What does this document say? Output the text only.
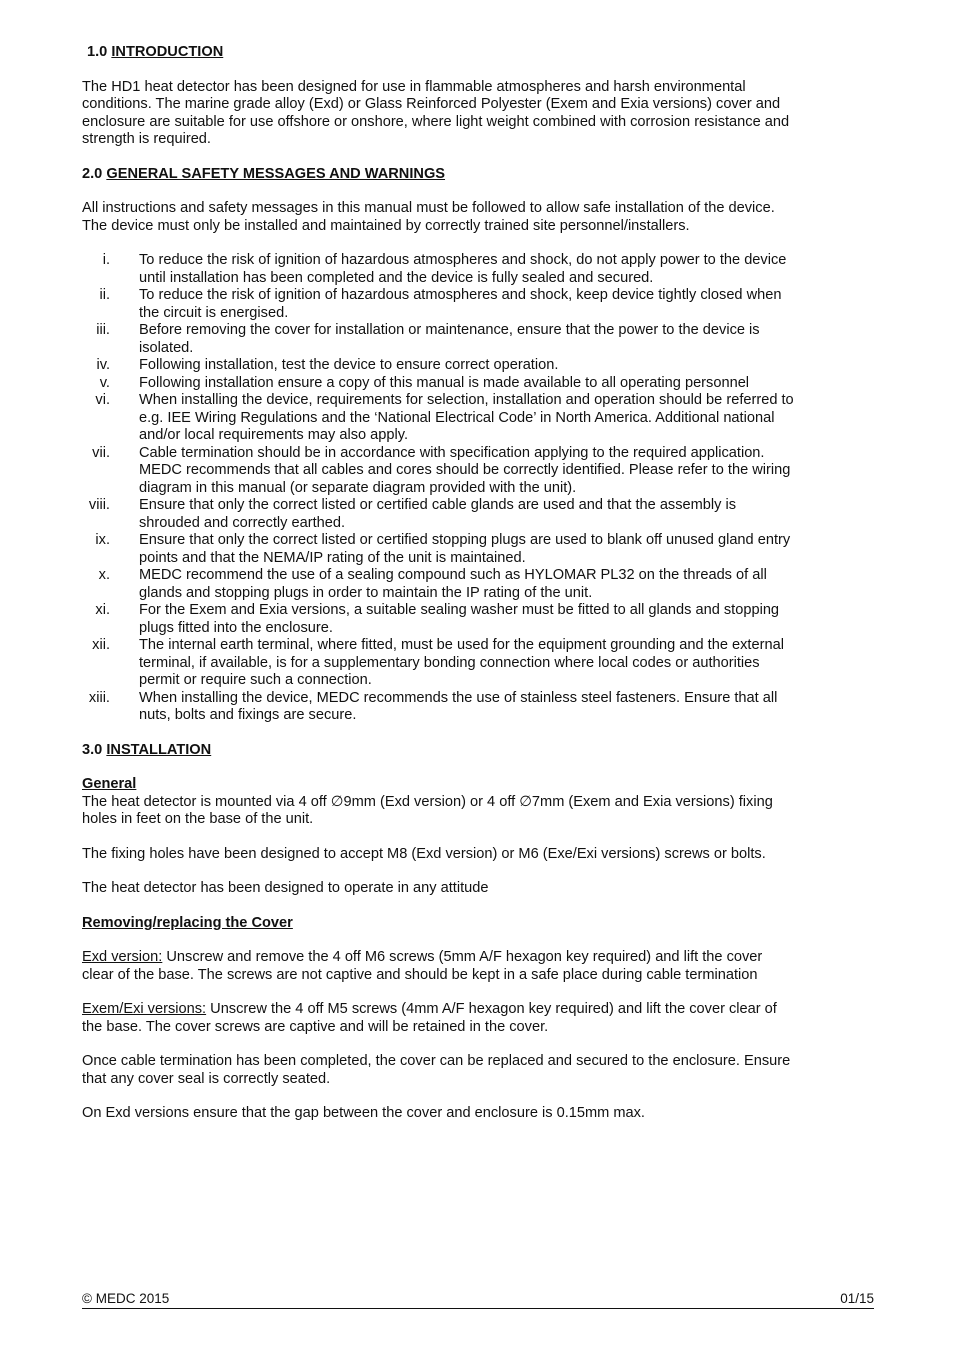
1.0 INTRODUCTION

The HD1 heat detector has been designed for use in flammable atmospheres and harsh environmental conditions. The marine grade alloy (Exd) or Glass Reinforced Polyester (Exem and Exia versions) cover and enclosure are suitable for use offshore or onshore, where light weight combined with corrosion resistance and strength is required.

2.0 GENERAL SAFETY MESSAGES AND WARNINGS

All instructions and safety messages in this manual must be followed to allow safe installation of the device. The device must only be installed and maintained by correctly trained site personnel/installers.

i. To reduce the risk of ignition of hazardous atmospheres and shock, do not apply power to the device until installation has been completed and the device is fully sealed and secured.
ii. To reduce the risk of ignition of hazardous atmospheres and shock, keep device tightly closed when the circuit is energised.
iii. Before removing the cover for installation or maintenance, ensure that the power to the device is isolated.
iv. Following installation, test the device to ensure correct operation.
v. Following installation ensure a copy of this manual is made available to all operating personnel
vi. When installing the device, requirements for selection, installation and operation should be referred to e.g. IEE Wiring Regulations and the ‘National Electrical Code’ in North America. Additional national and/or local requirements may also apply.
vii. Cable termination should be in accordance with specification applying to the required application. MEDC recommends that all cables and cores should be correctly identified. Please refer to the wiring diagram in this manual (or separate diagram provided with the unit).
viii. Ensure that only the correct listed or certified cable glands are used and that the assembly is shrouded and correctly earthed.
ix. Ensure that only the correct listed or certified stopping plugs are used to blank off unused gland entry points and that the NEMA/IP rating of the unit is maintained.
x. MEDC recommend the use of a sealing compound such as HYLOMAR PL32 on the threads of all glands and stopping plugs in order to maintain the IP rating of the unit.
xi. For the Exem and Exia versions, a suitable sealing washer must be fitted to all glands and stopping plugs fitted into the enclosure.
xii. The internal earth terminal, where fitted, must be used for the equipment grounding and the external terminal, if available, is for a supplementary bonding connection where local codes or authorities permit or require such a connection.
xiii. When installing the device, MEDC recommends the use of stainless steel fasteners. Ensure that all nuts, bolts and fixings are secure.
3.0 INSTALLATION
General

The heat detector is mounted via 4 off ∅9mm (Exd version) or 4 off ∅7mm (Exem and Exia versions) fixing holes in feet on the base of the unit.

The fixing holes have been designed to accept M8 (Exd version) or M6 (Exe/Exi versions) screws or bolts.

The heat detector has been designed to operate in any attitude

Removing/replacing the Cover

Exd version: Unscrew and remove the 4 off M6 screws (5mm A/F hexagon key required) and lift the cover clear of the base. The screws are not captive and should be kept in a safe place during cable termination

Exem/Exi versions: Unscrew the 4 off M5 screws (4mm A/F hexagon key required) and lift the cover clear of the base. The cover screws are captive and will be retained in the cover.

Once cable termination has been completed, the cover can be replaced and secured to the enclosure. Ensure that any cover seal is correctly seated.

On Exd versions ensure that the gap between the cover and enclosure is 0.15mm max.

© MEDC 2015	01/15
